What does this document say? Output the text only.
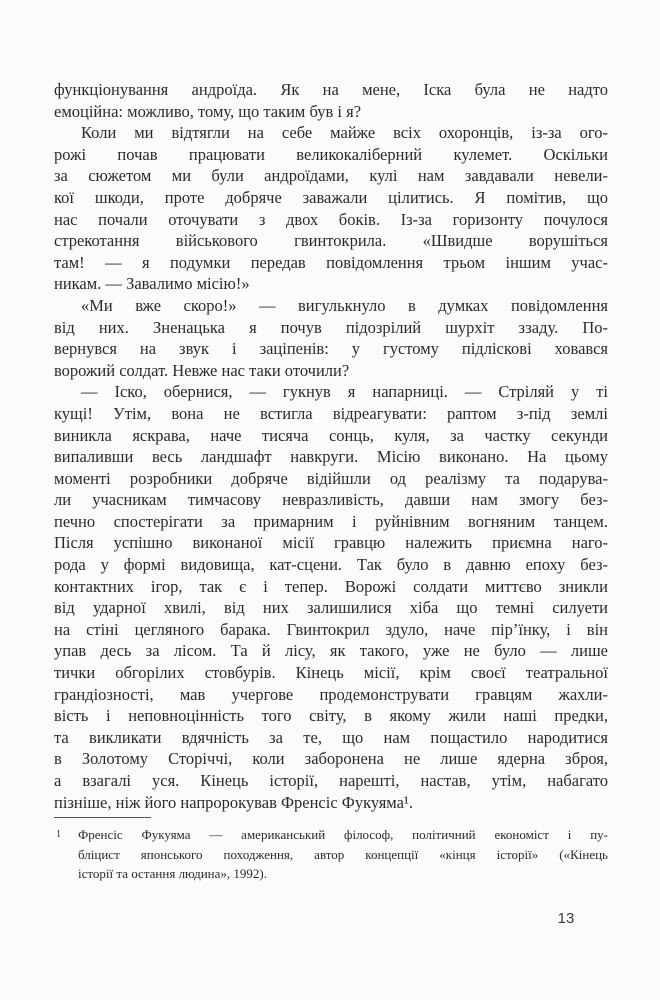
функціонування андроїда. Як на мене, Іска була не надто
емоційна: можливо, тому, що таким був і я?
Коли ми відтягли на себе майже всіх охоронців, із-за ого-
рожі почав працювати великокаліберний кулемет. Оскільки
за сюжетом ми були андроїдами, кулі нам завдавали невели-
кої шкоди, проте добряче заважали цілитись. Я помітив, що
нас почали оточувати з двох боків. Із-за горизонту почулося
стрекотання військового гвинтокрила. «Швидше ворушіться
там! — я подумки передав повідомлення трьом іншим учас-
никам. — Завалимо місію!»
«Ми вже скоро!» — вигулькнуло в думках повідомлення
від них. Зненацька я почув підозрілий шурхіт ззаду. По-
вернувся на звук і заціпенів: у густому підліскові ховався
ворожий солдат. Невже нас таки оточили?
— Іско, обернися, — гукнув я напарниці. — Стріляй у ті
кущі! Утім, вона не встигла відреагувати: раптом з-під землі
виникла яскрава, наче тисяча сонць, куля, за частку секунди
випаливши весь ландшафт навкруги. Місію виконано. На цьому
моменті розробники добряче відійшли од реалізму та подарува-
ли учасникам тимчасову невразливість, давши нам змогу без-
печно спостерігати за примарним і руйнівним вогняним танцем.
Після успішно виконаної місії гравцю належить приємна наго-
рода у формі видовища, кат-сцени. Так було в давню епоху без-
контактних ігор, так є і тепер. Ворожі солдати миттєво зникли
від ударної хвилі, від них залишилися хіба що темні силуети
на стіні цегляного барака. Гвинтокрил здуло, наче пір’їнку, і він
упав десь за лісом. Та й лісу, як такого, уже не було — лише
тички обгорілих стовбурів. Кінець місії, крім своєї театральної
грандіозності, мав учергове продемонструвати гравцям жахли-
вість і неповноцінність того світу, в якому жили наші предки,
та викликати вдячність за те, що нам пощастило народитися
в Золотому Сторіччі, коли заборонена не лише ядерна зброя,
а взагалі уся. Кінець історії, нарешті, настав, утім, набагато
пізніше, ніж його напророкував Френсіс Фукуяма¹.
1	Френсіс Фукуяма — американський філософ, політичний економіст і пу-
бліцист японського походження, автор концепції «кінця історії» («Кінець
історії та остання людина», 1992).
13
